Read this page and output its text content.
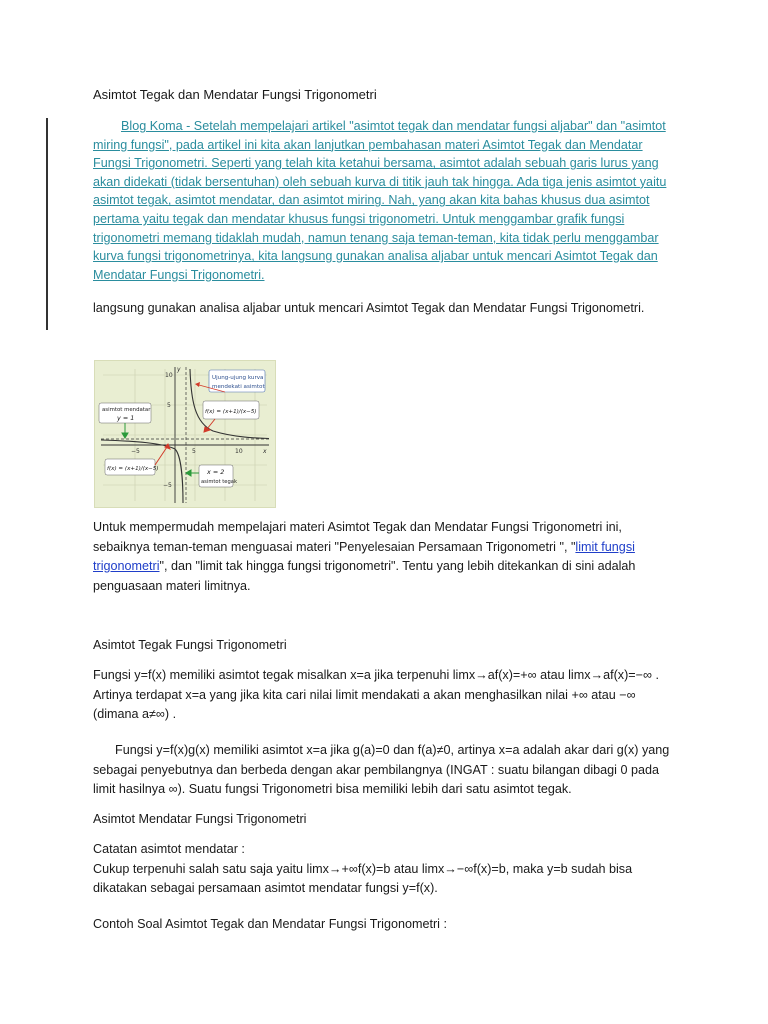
Asimtot Tegak dan Mendatar Fungsi Trigonometri
Blog Koma - Setelah mempelajari artikel "asimtot tegak dan mendatar fungsi aljabar" dan "asimtot miring fungsi", pada artikel ini kita akan lanjutkan pembahasan materi Asimtot Tegak dan Mendatar Fungsi Trigonometri. Seperti yang telah kita ketahui bersama, asimtot adalah sebuah garis lurus yang akan didekati (tidak bersentuhan) oleh sebuah kurva di titik jauh tak hingga. Ada tiga jenis asimtot yaitu asimtot tegak, asimtot mendatar, dan asimtot miring. Nah, yang akan kita bahas khusus dua asimtot pertama yaitu tegak dan mendatar khusus fungsi trigonometri. Untuk menggambar grafik fungsi trigonometri memang tidaklah mudah, namun tenang saja teman-teman, kita tidak perlu menggambar kurva fungsi trigonometrinya, kita langsung gunakan analisa aljabar untuk mencari Asimtot Tegak dan Mendatar Fungsi Trigonometri.
langsung gunakan analisa aljabar untuk mencari Asimtot Tegak dan Mendatar Fungsi Trigonometri.
10
5
−5
−5	5	10	x
y
Ujung-ujung kurva
mendekati asimtot
asimtot mendatar
y = 1
f(x) = (x+1)/(x−5)
f(x) = (x+1)/(x−5)	x = 2
asimtot tegak
Untuk mempermudah mempelajari materi Asimtot Tegak dan Mendatar Fungsi Trigonometri ini, sebaiknya teman-teman menguasai materi "Penyelesaian Persamaan Trigonometri ", "limit fungsi trigonometri", dan "limit tak hingga fungsi trigonometri". Tentu yang lebih ditekankan di sini adalah penguasaan materi limitnya.
Asimtot Tegak Fungsi Trigonometri
Fungsi y=f(x) memiliki asimtot tegak misalkan x=a jika terpenuhi limx→af(x)=+∞ atau limx→af(x)=−∞ . Artinya terdapat x=a yang jika kita cari nilai limit mendakati a akan menghasilkan nilai +∞ atau −∞ (dimana a≠∞) .
Fungsi y=f(x)g(x) memiliki asimtot x=a jika g(a)=0 dan f(a)≠0, artinya x=a adalah akar dari g(x) yang sebagai penyebutnya dan berbeda dengan akar pembilangnya (INGAT : suatu bilangan dibagi 0 pada limit hasilnya ∞). Suatu fungsi Trigonometri bisa memiliki lebih dari satu asimtot tegak.
Asimtot Mendatar Fungsi Trigonometri
Catatan asimtot mendatar :
Cukup terpenuhi salah satu saja yaitu limx→+∞f(x)=b atau limx→−∞f(x)=b, maka y=b sudah bisa dikatakan sebagai persamaan asimtot mendatar fungsi y=f(x).
Contoh Soal Asimtot Tegak dan Mendatar Fungsi Trigonometri :
